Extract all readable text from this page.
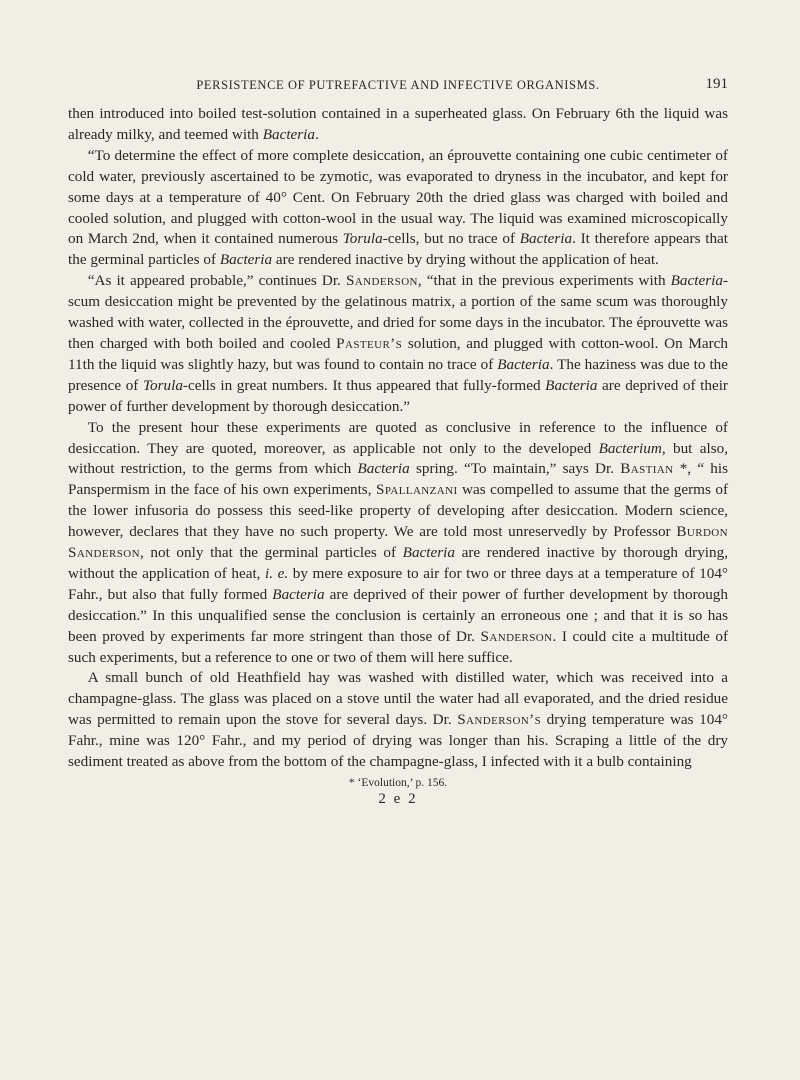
PERSISTENCE OF PUTREFACTIVE AND INFECTIVE ORGANISMS.	191

then introduced into boiled test-solution contained in a superheated glass. On February 6th the liquid was already milky, and teemed with Bacteria.

“To determine the effect of more complete desiccation, an éprouvette containing one cubic centimeter of cold water, previously ascertained to be zymotic, was evaporated to dryness in the incubator, and kept for some days at a temperature of 40° Cent. On February 20th the dried glass was charged with boiled and cooled solution, and plugged with cotton-wool in the usual way. The liquid was examined microscopically on March 2nd, when it contained numerous Torula-cells, but no trace of Bacteria. It therefore appears that the germinal particles of Bacteria are rendered inactive by drying without the application of heat.

“As it appeared probable,” continues Dr. Sanderson, “that in the previous experiments with Bacteria-scum desiccation might be prevented by the gelatinous matrix, a portion of the same scum was thoroughly washed with water, collected in the éprouvette, and dried for some days in the incubator. The éprouvette was then charged with both boiled and cooled Pasteur’s solution, and plugged with cotton-wool. On March 11th the liquid was slightly hazy, but was found to contain no trace of Bacteria. The haziness was due to the presence of Torula-cells in great numbers. It thus appeared that fully-formed Bacteria are deprived of their power of further development by thorough desiccation.”

To the present hour these experiments are quoted as conclusive in reference to the influence of desiccation. They are quoted, moreover, as applicable not only to the developed Bacterium, but also, without restriction, to the germs from which Bacteria spring. “To maintain,” says Dr. Bastian *, “ his Panspermism in the face of his own experiments, Spallanzani was compelled to assume that the germs of the lower infusoria do possess this seed-like property of developing after desiccation. Modern science, however, declares that they have no such property. We are told most unreservedly by Professor Burdon Sanderson, not only that the germinal particles of Bacteria are rendered inactive by thorough drying, without the application of heat, i. e. by mere exposure to air for two or three days at a temperature of 104° Fahr., but also that fully formed Bacteria are deprived of their power of further development by thorough desiccation.” In this unqualified sense the conclusion is certainly an erroneous one ; and that it is so has been proved by experiments far more stringent than those of Dr. Sanderson. I could cite a multitude of such experiments, but a reference to one or two of them will here suffice.

A small bunch of old Heathfield hay was washed with distilled water, which was received into a champagne-glass. The glass was placed on a stove until the water had all evaporated, and the dried residue was permitted to remain upon the stove for several days. Dr. Sanderson’s drying temperature was 104° Fahr., mine was 120° Fahr., and my period of drying was longer than his. Scraping a little of the dry sediment treated as above from the bottom of the champagne-glass, I infected with it a bulb containing

* ‘Evolution,’ p. 156.
2 e 2
